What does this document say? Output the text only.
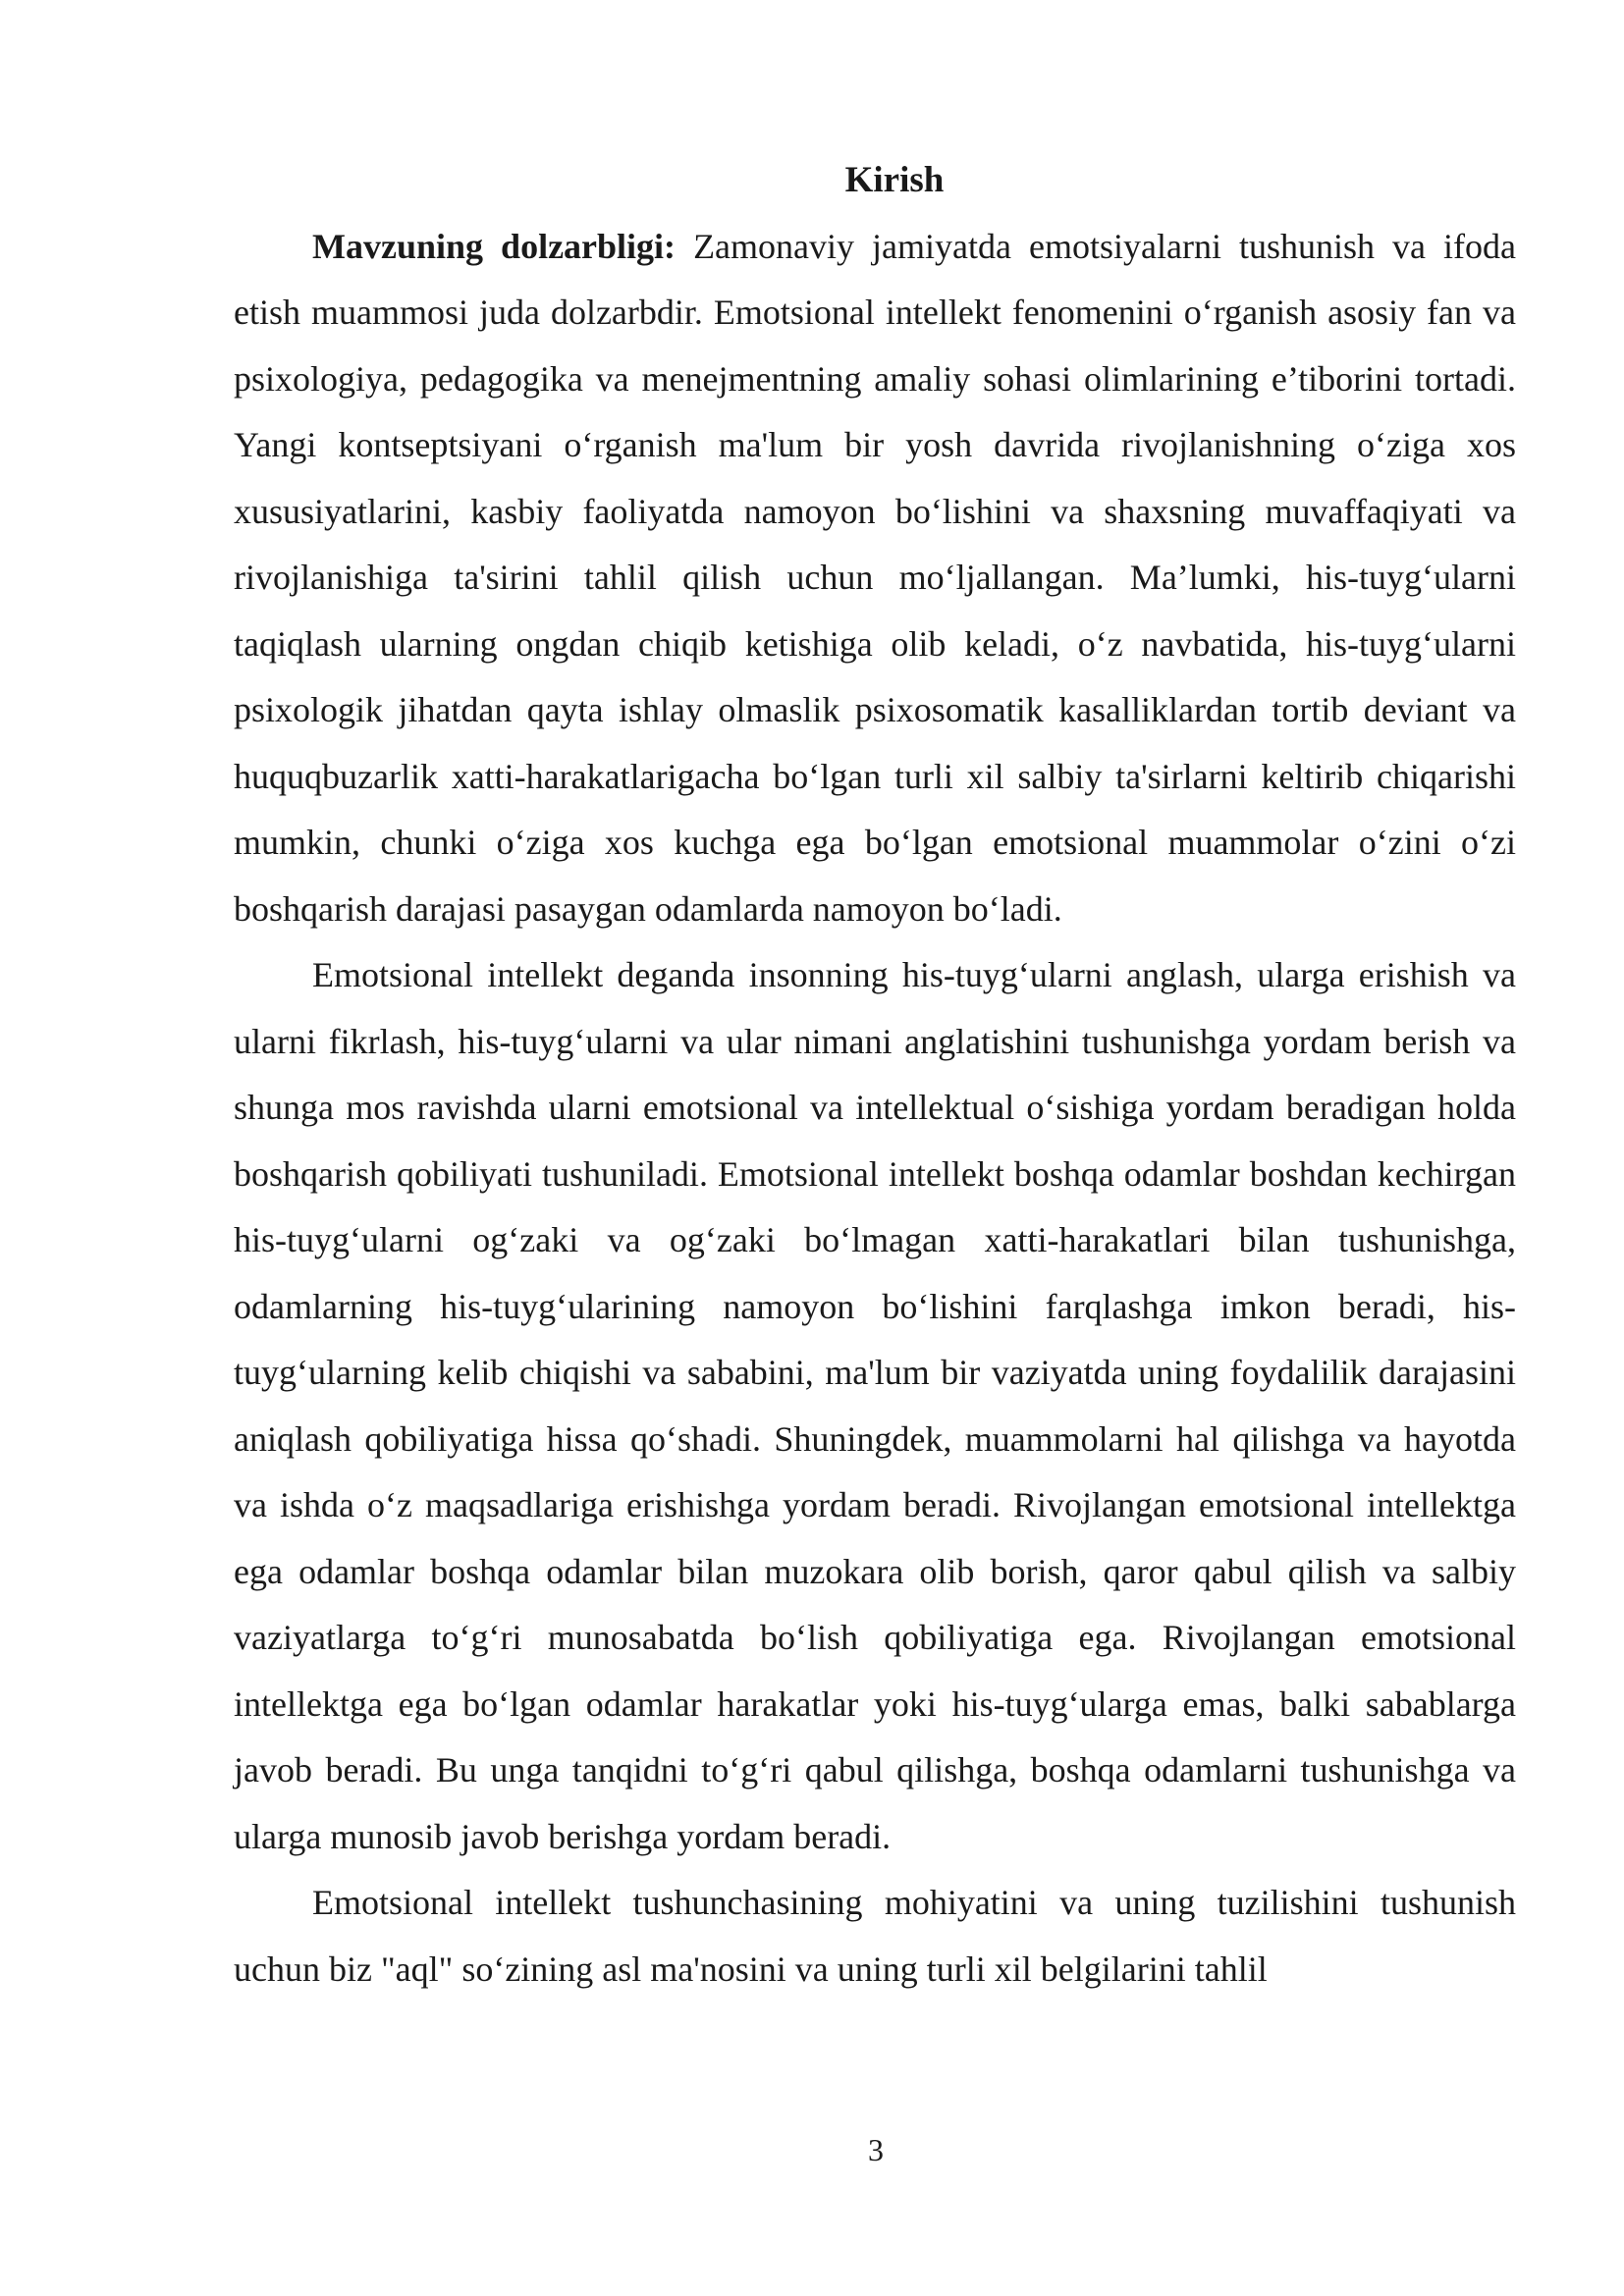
Kirish

Mavzuning dolzarbligi: Zamonaviy jamiyatda emotsiyalarni tushunish va ifoda etish muammosi juda dolzarbdir. Emotsional intellekt fenomenini oʻrganish asosiy fan va psixologiya, pedagogika va menejmentning amaliy sohasi olimlarining e’tiborini tortadi. Yangi kontseptsiyani oʻrganish ma'lum bir yosh davrida rivojlanishning oʻziga xos xususiyatlarini, kasbiy faoliyatda namoyon boʻlishini va shaxsning muvaffaqiyati va rivojlanishiga ta'sirini tahlil qilish uchun moʻljallangan. Ma’lumki, his-tuygʻularni taqiqlash ularning ongdan chiqib ketishiga olib keladi, oʻz navbatida, his-tuygʻularni psixologik jihatdan qayta ishlay olmaslik psixosomatik kasalliklardan tortib deviant va huquqbuzarlik xatti-harakatlarigacha boʻlgan turli xil salbiy ta'sirlarni keltirib chiqarishi mumkin, chunki oʻziga xos kuchga ega boʻlgan emotsional muammolar oʻzini oʻzi boshqarish darajasi pasaygan odamlarda namoyon boʻladi.

Emotsional intellekt deganda insonning his-tuygʻularni anglash, ularga erishish va ularni fikrlash, his-tuygʻularni va ular nimani anglatishini tushunishga yordam berish va shunga mos ravishda ularni emotsional va intellektual oʻsishiga yordam beradigan holda boshqarish qobiliyati tushuniladi. Emotsional intellekt boshqa odamlar boshdan kechirgan his-tuygʻularni ogʻzaki va ogʻzaki boʻlmagan xatti-harakatlari bilan tushunishga, odamlarning his-tuygʻularining namoyon boʻlishini farqlashga imkon beradi, his-tuygʻularning kelib chiqishi va sababini, ma'lum bir vaziyatda uning foydalilik darajasini aniqlash qobiliyatiga hissa qoʻshadi. Shuningdek, muammolarni hal qilishga va hayotda va ishda oʻz maqsadlariga erishishga yordam beradi. Rivojlangan emotsional intellektga ega odamlar boshqa odamlar bilan muzokara olib borish, qaror qabul qilish va salbiy vaziyatlarga toʻgʻri munosabatda boʻlish qobiliyatiga ega. Rivojlangan emotsional intellektga ega boʻlgan odamlar harakatlar yoki his-tuygʻularga emas, balki sabablarga javob beradi. Bu unga tanqidni toʻgʻri qabul qilishga, boshqa odamlarni tushunishga va ularga munosib javob berishga yordam beradi.

Emotsional intellekt tushunchasining mohiyatini va uning tuzilishini tushunish uchun biz "aql" soʻzining asl ma'nosini va uning turli xil belgilarini tahlil

3
